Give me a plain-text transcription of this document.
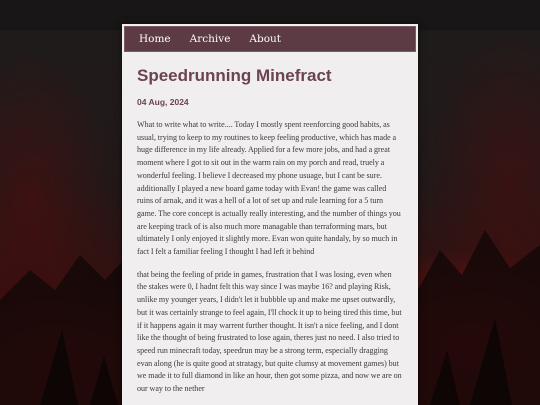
Home Archive About
Speedrunning Minefract
04 Aug, 2024

What to write what to write.... Today I mostly spent reenforcing good habits, as usual, trying to keep to my routines to keep feeling productive, which has made a huge difference in my life already. Applied for a few more jobs, and had a great moment where I got to sit out in the warm rain on my porch and read, truely a wonderful feeling. I believe I decreased my phone usuage, but I cant be sure. additionally I played a new board game today with Evan! the game was called ruins of arnak, and it was a hell of a lot of set up and rule learning for a 5 turn game. The core concept is actually really interesting, and the number of things you are keeping track of is also much more managable than terraforming mars, but ultimately I only enjoyed it slightly more. Evan won quite handaly, by so much in fact I felt a familiar feeling I thought I had left it behind

that being the feeling of pride in games, frustration that I was losing, even when the stakes were 0, I hadnt felt this way since I was maybe 16? and playing Risk, unlike my younger years, I didn't let it bubbble up and make me upset outwardly, but it was certainly strange to feel again, I'll chock it up to being tired this time, but if it happens again it may warrent further thought. It isn't a nice feeling, and I dont like the thought of being frustrated to lose again, theres just no need. I also tried to speed run minecraft today, speedrun may be a strong term, especially dragging evan along (he is quite good at stratagy, but quite clumsy at movement games) but we made it to full diamond in like an hour, then got some pizza, and now we are on our way to the nether
